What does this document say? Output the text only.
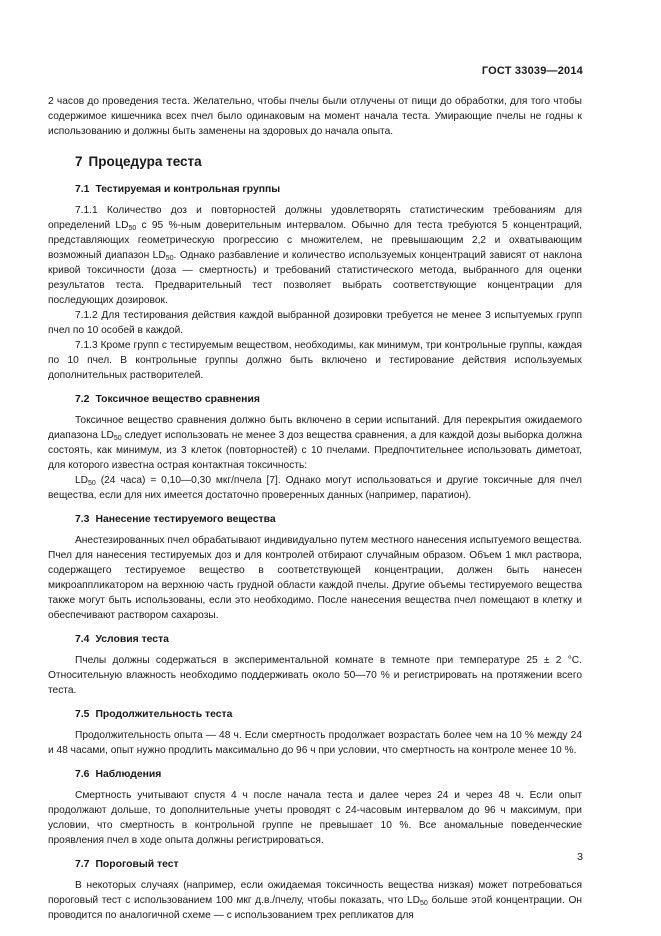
ГОСТ 33039—2014

2 часов до проведения теста. Желательно, чтобы пчелы были отлучены от пищи до обработки, для того чтобы содержимое кишечника всех пчел было одинаковым на момент начала теста. Умирающие пчелы не годны к использованию и должны быть заменены на здоровых до начала опыта.

7 Процедура теста
7.1 Тестируемая и контрольная группы

7.1.1 Количество доз и повторностей должны удовлетворять статистическим требованиям для определений $LD_{50}$ с 95 %-ным доверительным интервалом. Обычно для теста требуются 5 концентраций, представляющих геометрическую прогрессию с множителем, не превышающим 2,2 и охватывающим возможный диапазон $LD_{50}$. Однако разбавление и количество используемых концентраций зависят от наклона кривой токсичности (доза — смертность) и требований статистического метода, выбранного для оценки результатов теста. Предварительный тест позволяет выбрать соответствующие концентрации для последующих дозировок.

7.1.2 Для тестирования действия каждой выбранной дозировки требуется не менее 3 испытуемых групп пчел по 10 особей в каждой.

7.1.3 Кроме групп с тестируемым веществом, необходимы, как минимум, три контрольные группы, каждая по 10 пчел. В контрольные группы должно быть включено и тестирование действия используемых дополнительных растворителей.

7.2 Токсичное вещество сравнения

Токсичное вещество сравнения должно быть включено в серии испытаний. Для перекрытия ожидаемого диапазона $LD_{50}$ следует использовать не менее 3 доз вещества сравнения, а для каждой дозы выборка должна состоять, как минимум, из 3 клеток (повторностей) с 10 пчелами. Предпочтительнее использовать диметоат, для которого известна острая контактная токсичность:

$LD_{50}$ (24 часа) = 0,10—0,30 мкг/пчела [7]. Однако могут использоваться и другие токсичные для пчел вещества, если для них имеется достаточно проверенных данных (например, паратион).

7.3 Нанесение тестируемого вещества

Анестезированных пчел обрабатывают индивидуально путем местного нанесения испытуемого вещества. Пчел для нанесения тестируемых доз и для контролей отбирают случайным образом. Объем 1 мкл раствора, содержащего тестируемое вещество в соответствующей концентрации, должен быть нанесен микроаппликатором на верхнюю часть грудной области каждой пчелы. Другие объемы тестируемого вещества также могут быть использованы, если это необходимо. После нанесения вещества пчел помещают в клетку и обеспечивают раствором сахарозы.

7.4 Условия теста

Пчелы должны содержаться в экспериментальной комнате в темноте при температуре 25 ± 2 °C. Относительную влажность необходимо поддерживать около 50—70 % и регистрировать на протяжении всего теста.

7.5 Продолжительность теста

Продолжительность опыта — 48 ч. Если смертность продолжает возрастать более чем на 10 % между 24 и 48 часами, опыт нужно продлить максимально до 96 ч при условии, что смертность на контроле менее 10 %.

7.6 Наблюдения

Смертность учитывают спустя 4 ч после начала теста и далее через 24 и через 48 ч. Если опыт продолжают дольше, то дополнительные учеты проводят с 24-часовым интервалом до 96 ч максимум, при условии, что смертность в контрольной группе не превышает 10 %. Все аномальные поведенческие проявления пчел в ходе опыта должны регистрироваться.

7.7 Пороговый тест

В некоторых случаях (например, если ожидаемая токсичность вещества низкая) может потребоваться пороговый тест с использованием 100 мкг д.в./пчелу, чтобы показать, что $LD_{50}$ больше этой концентрации. Он проводится по аналогичной схеме — с использованием трех репликатов для

3
